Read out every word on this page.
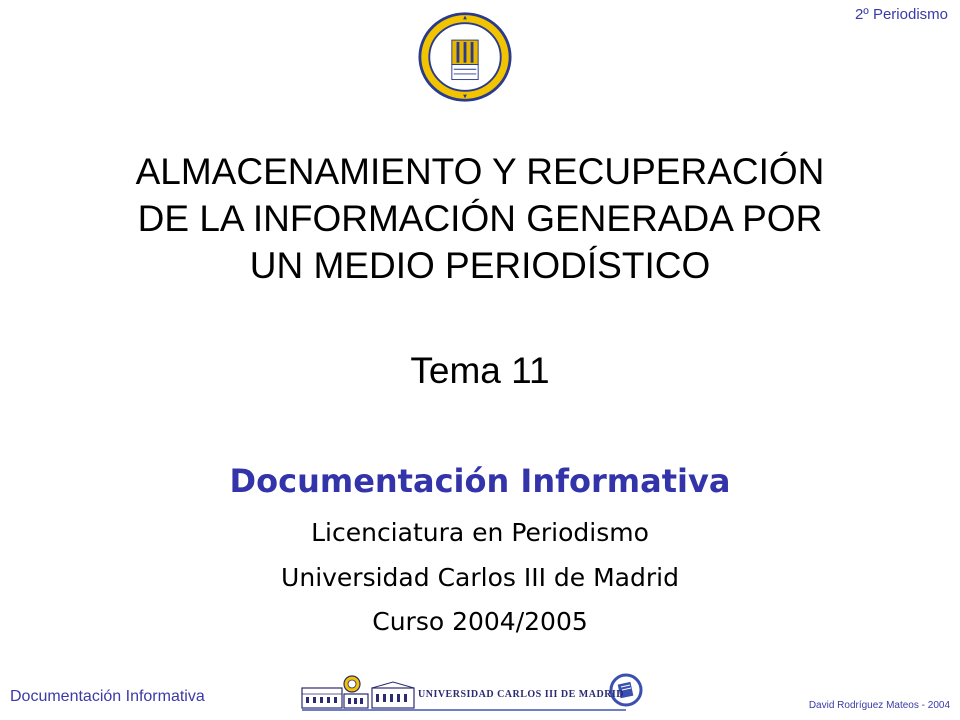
2º Periodismo
ALMACENAMIENTO Y RECUPERACIÓN
DE LA INFORMACIÓN GENERADA POR
UN MEDIO PERIODÍSTICO
Tema 11
Documentación Informativa
Licenciatura en Periodismo
Universidad Carlos III de Madrid
Curso 2004/2005
Documentación Informativa	UNIVERSIDAD CARLOS III DE MADRID
David Rodríguez Mateos - 2004
